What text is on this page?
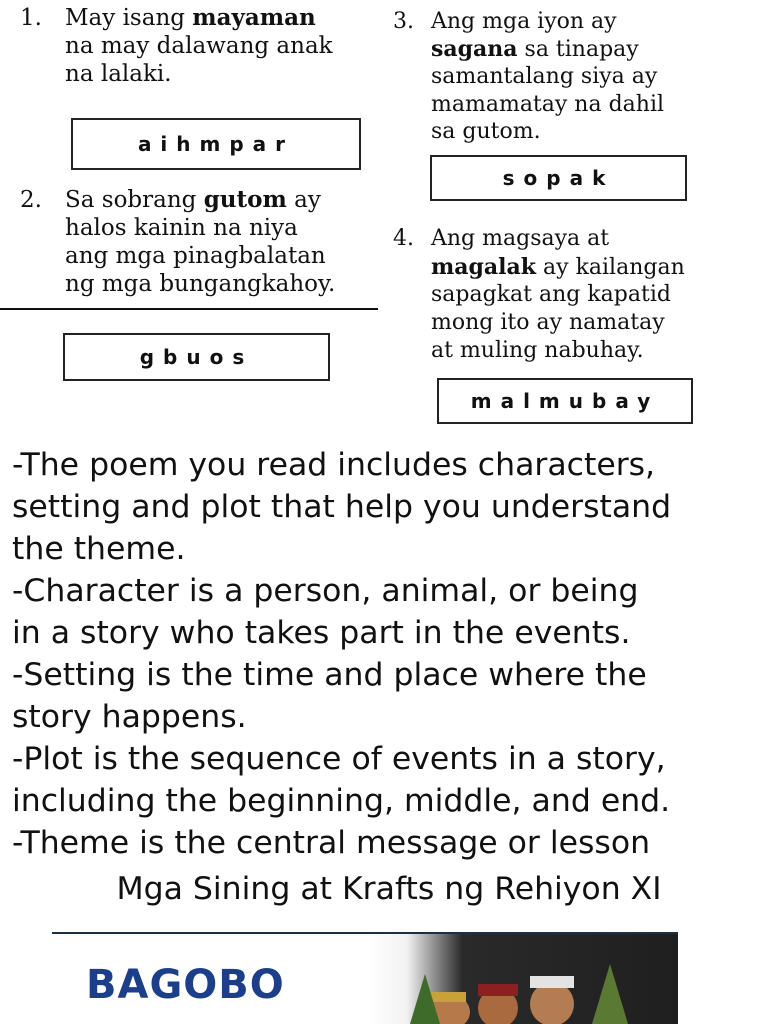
1. May isang mayaman
na may dalawang anak
na lalaki.
aihmpar
2. Sa sobrang gutom ay
halos kainin na niya
ang mga pinagbalatan
ng mga bungangkahoy.
gbuos
3. Ang mga iyon ay
sagana sa tinapay
samantalang siya ay
mamamatay na dahil
sa gutom.
sopak
4. Ang magsaya at
magalak ay kailangan
sapagkat ang kapatid
mong ito ay namatay
at muling nabuhay.
malmubay
-The poem you read includes characters,
setting and plot that help you understand
the theme.
-Character is a person, animal, or being
in a story who takes part in the events.
-Setting is the time and place where the
story happens.
-Plot is the sequence of events in a story,
including the beginning, middle, and end.
-Theme is the central message or lesson
Mga Sining at Krafts ng Rehiyon XI
BAGOBO
